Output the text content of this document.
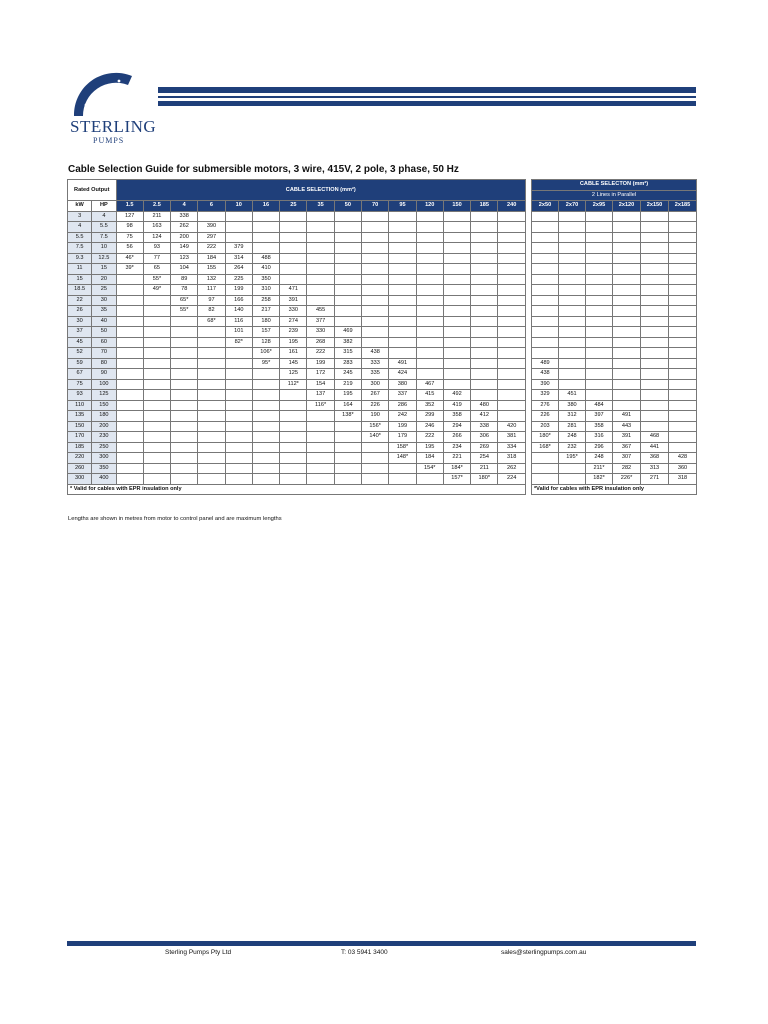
STERLING
PUMPS
Cable Selection Guide for submersible motors, 3 wire, 415V, 2 pole, 3 phase, 50 Hz
Rated Output		CABLE SELECTION (mm²)														
kW	HP	1.5	2.5	4	6	10	16	25	35	50	70	95	120	150	185	240
3	4	127	211	338												
4	5.5	98	163	262	390											
5.5	7.5	75	124	200	297											
7.5	10	56	93	149	222	379										
9.3	12.5	46*	77	123	184	314	488									
11	15	39*	65	104	155	264	410									
15	20		55*	89	132	225	350									
18.5	25		49*	78	117	199	310	471								
22	30			65*	97	166	258	391								
26	35			55*	82	140	217	330	455							
30	40				68*	116	180	274	377							
37	50					101	157	239	330	469						
45	60					82*	128	195	268	382						
52	70						106*	161	222	315	438					
59	80						95*	145	199	283	333	491				
67	90							125	172	245	335	424				
75	100							112*	154	219	300	380	467			
93	125								137	195	267	337	415	492		
110	150								116*	164	226	286	352	419	480	
135	180									138*	190	242	299	358	412	
150	200										156*	199	246	294	338	420
170	230										140*	179	222	266	306	381
185	250											158*	195	234	269	334
220	300											148*	184	221	254	318
260	350												154*	184*	211	262
300	400													157*	180*	224
* Valid for cables with EPR insulation only																
CABLE SELECTON (mm²)					
2 Lines in Parallel					
2x50	2x70	2x95	2x120	2x150	2x185

489					
438					
390					
329	451				
276	380	484			
226	312	397	491		
203	281	358	443		
180*	248	316	391	468	
168*	232	296	367	441	
	195*	248	307	368	428
		211*	282	313	360
		182*	226*	271	318
*Valid for cables with EPR insulation only					
Lengths are shown in metres from motor to control panel and are maximum lengths
Sterling Pumps Pty Ltd	T: 03 5941 3400	sales@sterlingpumps.com.au
